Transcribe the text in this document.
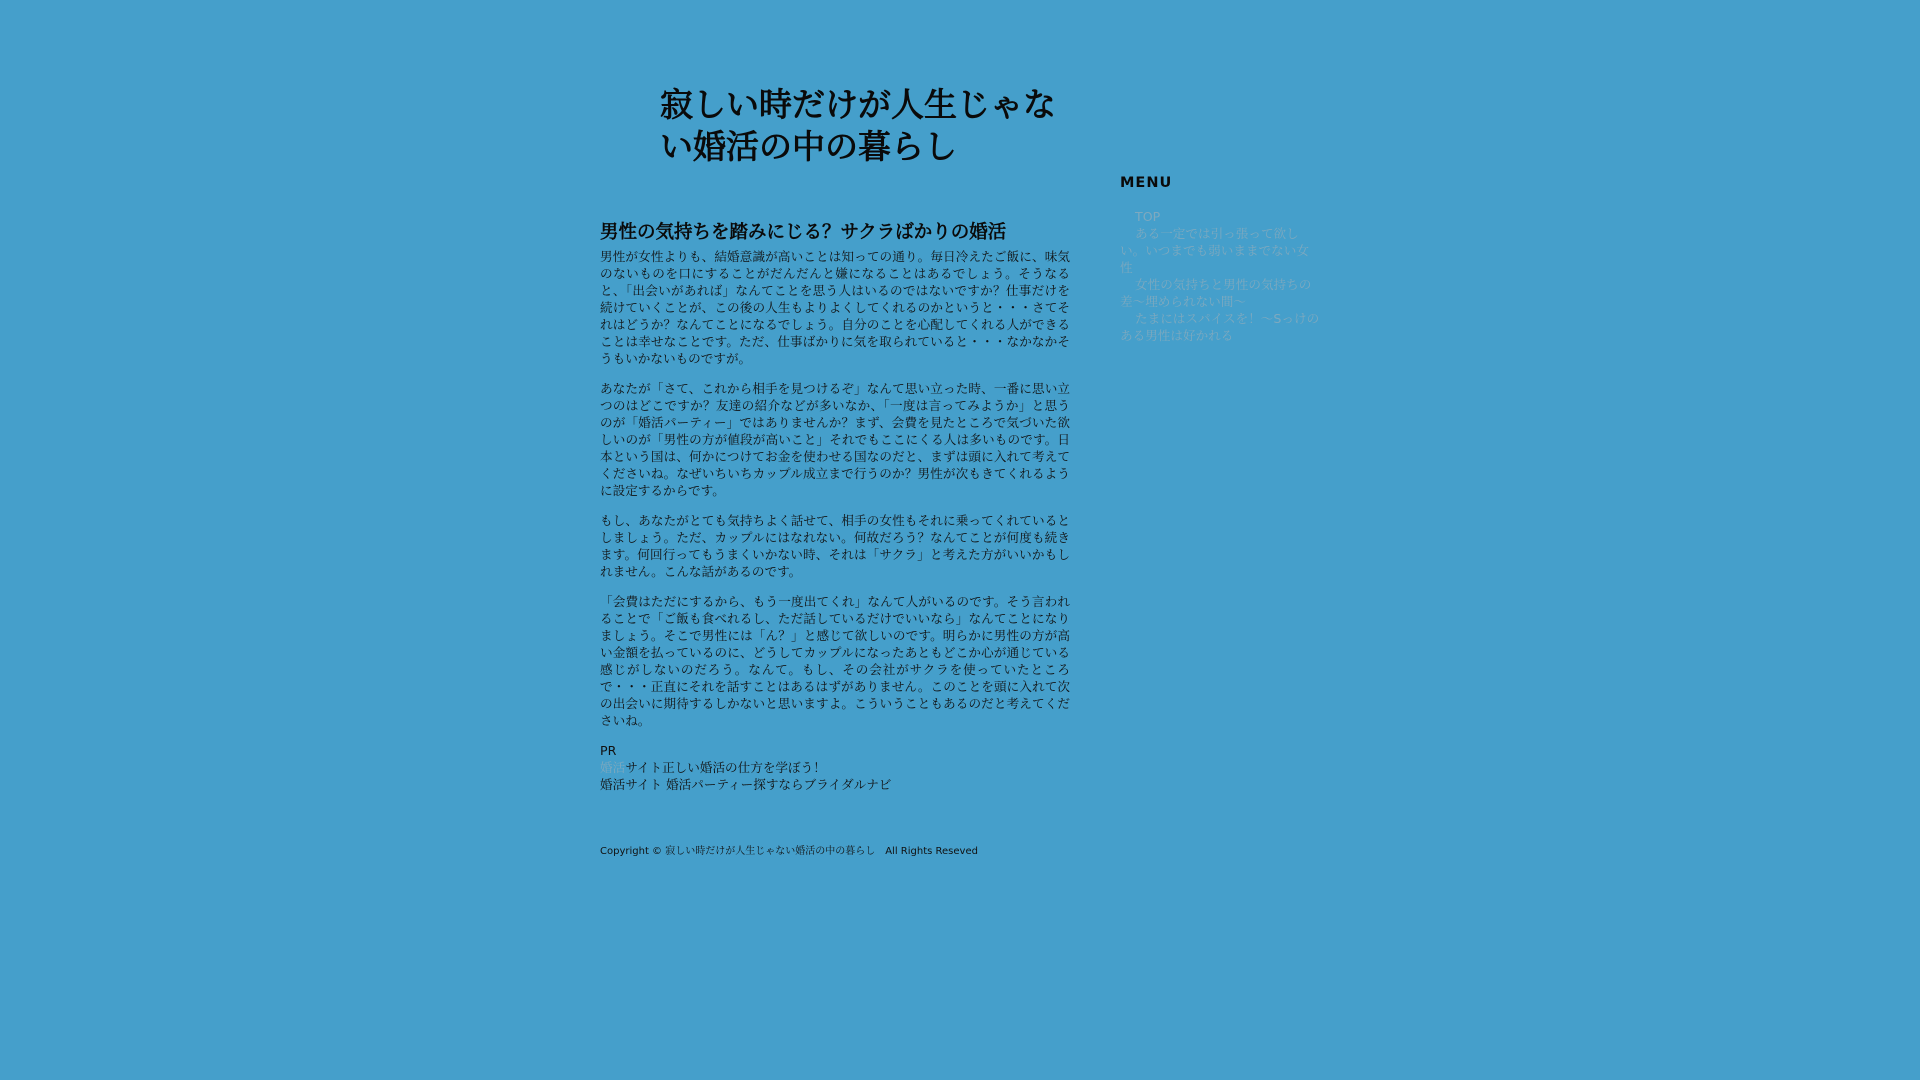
寂しい時だけが人生じゃない婚活の中の暮らし
男性の気持ちを踏みにじる？サクラばかりの婚活

男性が女性よりも、結婚意識が高いことは知っての通り。毎日冷えたご飯に、味気のないものを口にすることがだんだんと嫌になることはあるでしょう。そうなると、「出会いがあれば」なんてことを思う人はいるのではないですか？仕事だけを続けていくことが、この後の人生もよりよくしてくれるのかというと・・・さてそれはどうか？なんてことになるでしょう。自分のことを心配してくれる人ができることは幸せなことです。ただ、仕事ばかりに気を取られていると・・・なかなかそうもいかないものですが。

あなたが「さて、これから相手を見つけるぞ」なんて思い立った時、一番に思い立つのはどこですか？友達の紹介などが多いなか、「一度は言ってみようか」と思うのが「婚活パーティー」ではありませんか？まず、会費を見たところで気づいた欲しいのが「男性の方が値段が高いこと」それでもここにくる人は多いものです。日本という国は、何かにつけてお金を使わせる国なのだと、まずは頭に入れて考えてくださいね。なぜいちいちカップル成立まで行うのか？男性が次もきてくれるように設定するからです。

もし、あなたがとても気持ちよく話せて、相手の女性もそれに乗ってくれているとしましょう。ただ、カップルにはなれない。何故だろう？なんてことが何度も続きます。何回行ってもうまくいかない時、それは「サクラ」と考えた方がいいかもしれません。こんな話があるのです。

「会費はただにするから、もう一度出てくれ」なんて人がいるのです。そう言われることで「ご飯も食べれるし、ただ話しているだけでいいなら」なんてことになりましょう。そこで男性には「ん？」と感じて欲しいのです。明らかに男性の方が高い金額を払っているのに、どうしてカップルになったあともどこか心が通じている感じがしないのだろう。なんて。もし、その会社がサクラを使っていたところで・・・正直にそれを話すことはあるはずがありません。このことを頭に入れて次の出会いに期待するしかないと思いますよ。こういうこともあるのだと考えてくださいね。

PR
婚活サイト正しい婚活の仕方を学ぼう！
婚活サイト 婚活パーティー探すならブライダルナビ
MENU
TOP
ある一定では引っ張って欲しい。いつまでも弱いままでない女性
女性の気持ちと男性の気持ちの差～埋められない間～
たまにはスパイスを！～Sっけのある男性は好かれる
Copyright © 寂しい時だけが人生じゃない婚活の中の暮らし　All Rights Reseved
